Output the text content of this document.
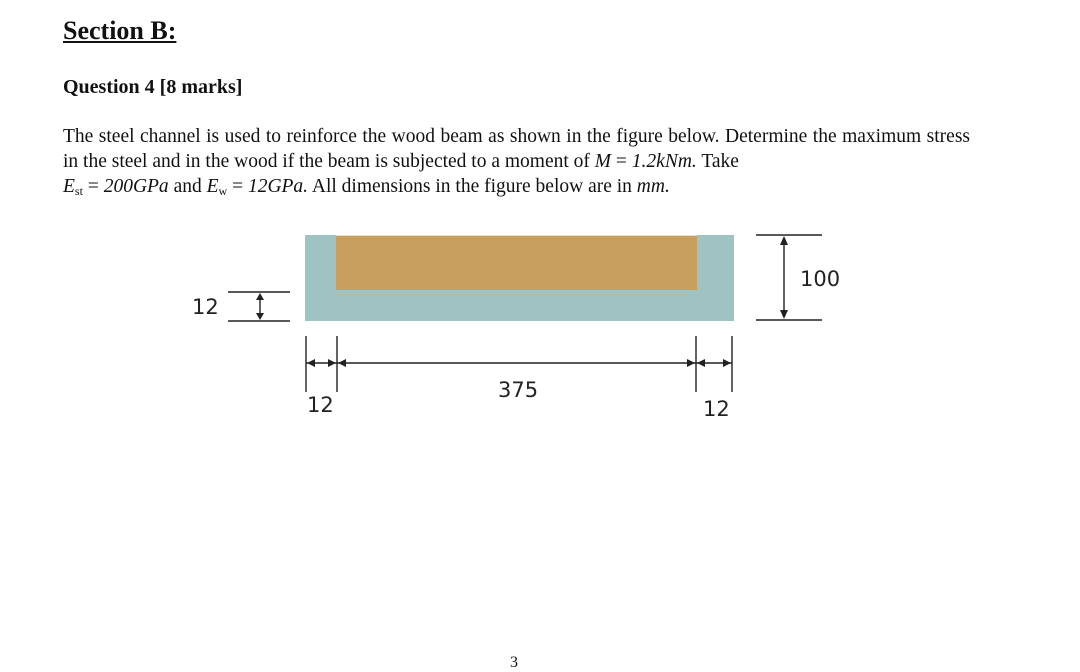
Section B:
Question 4 [8 marks]

The steel channel is used to reinforce the wood beam as shown in the figure below. Determine the maximum stress in the steel and in the wood if the beam is subjected to a moment of M = 1.2kNm. Take
$E_{st} = 200GPa$ and $E_w = 12GPa$. All dimensions in the figure below are in mm.

100
12
12
375
12
3
